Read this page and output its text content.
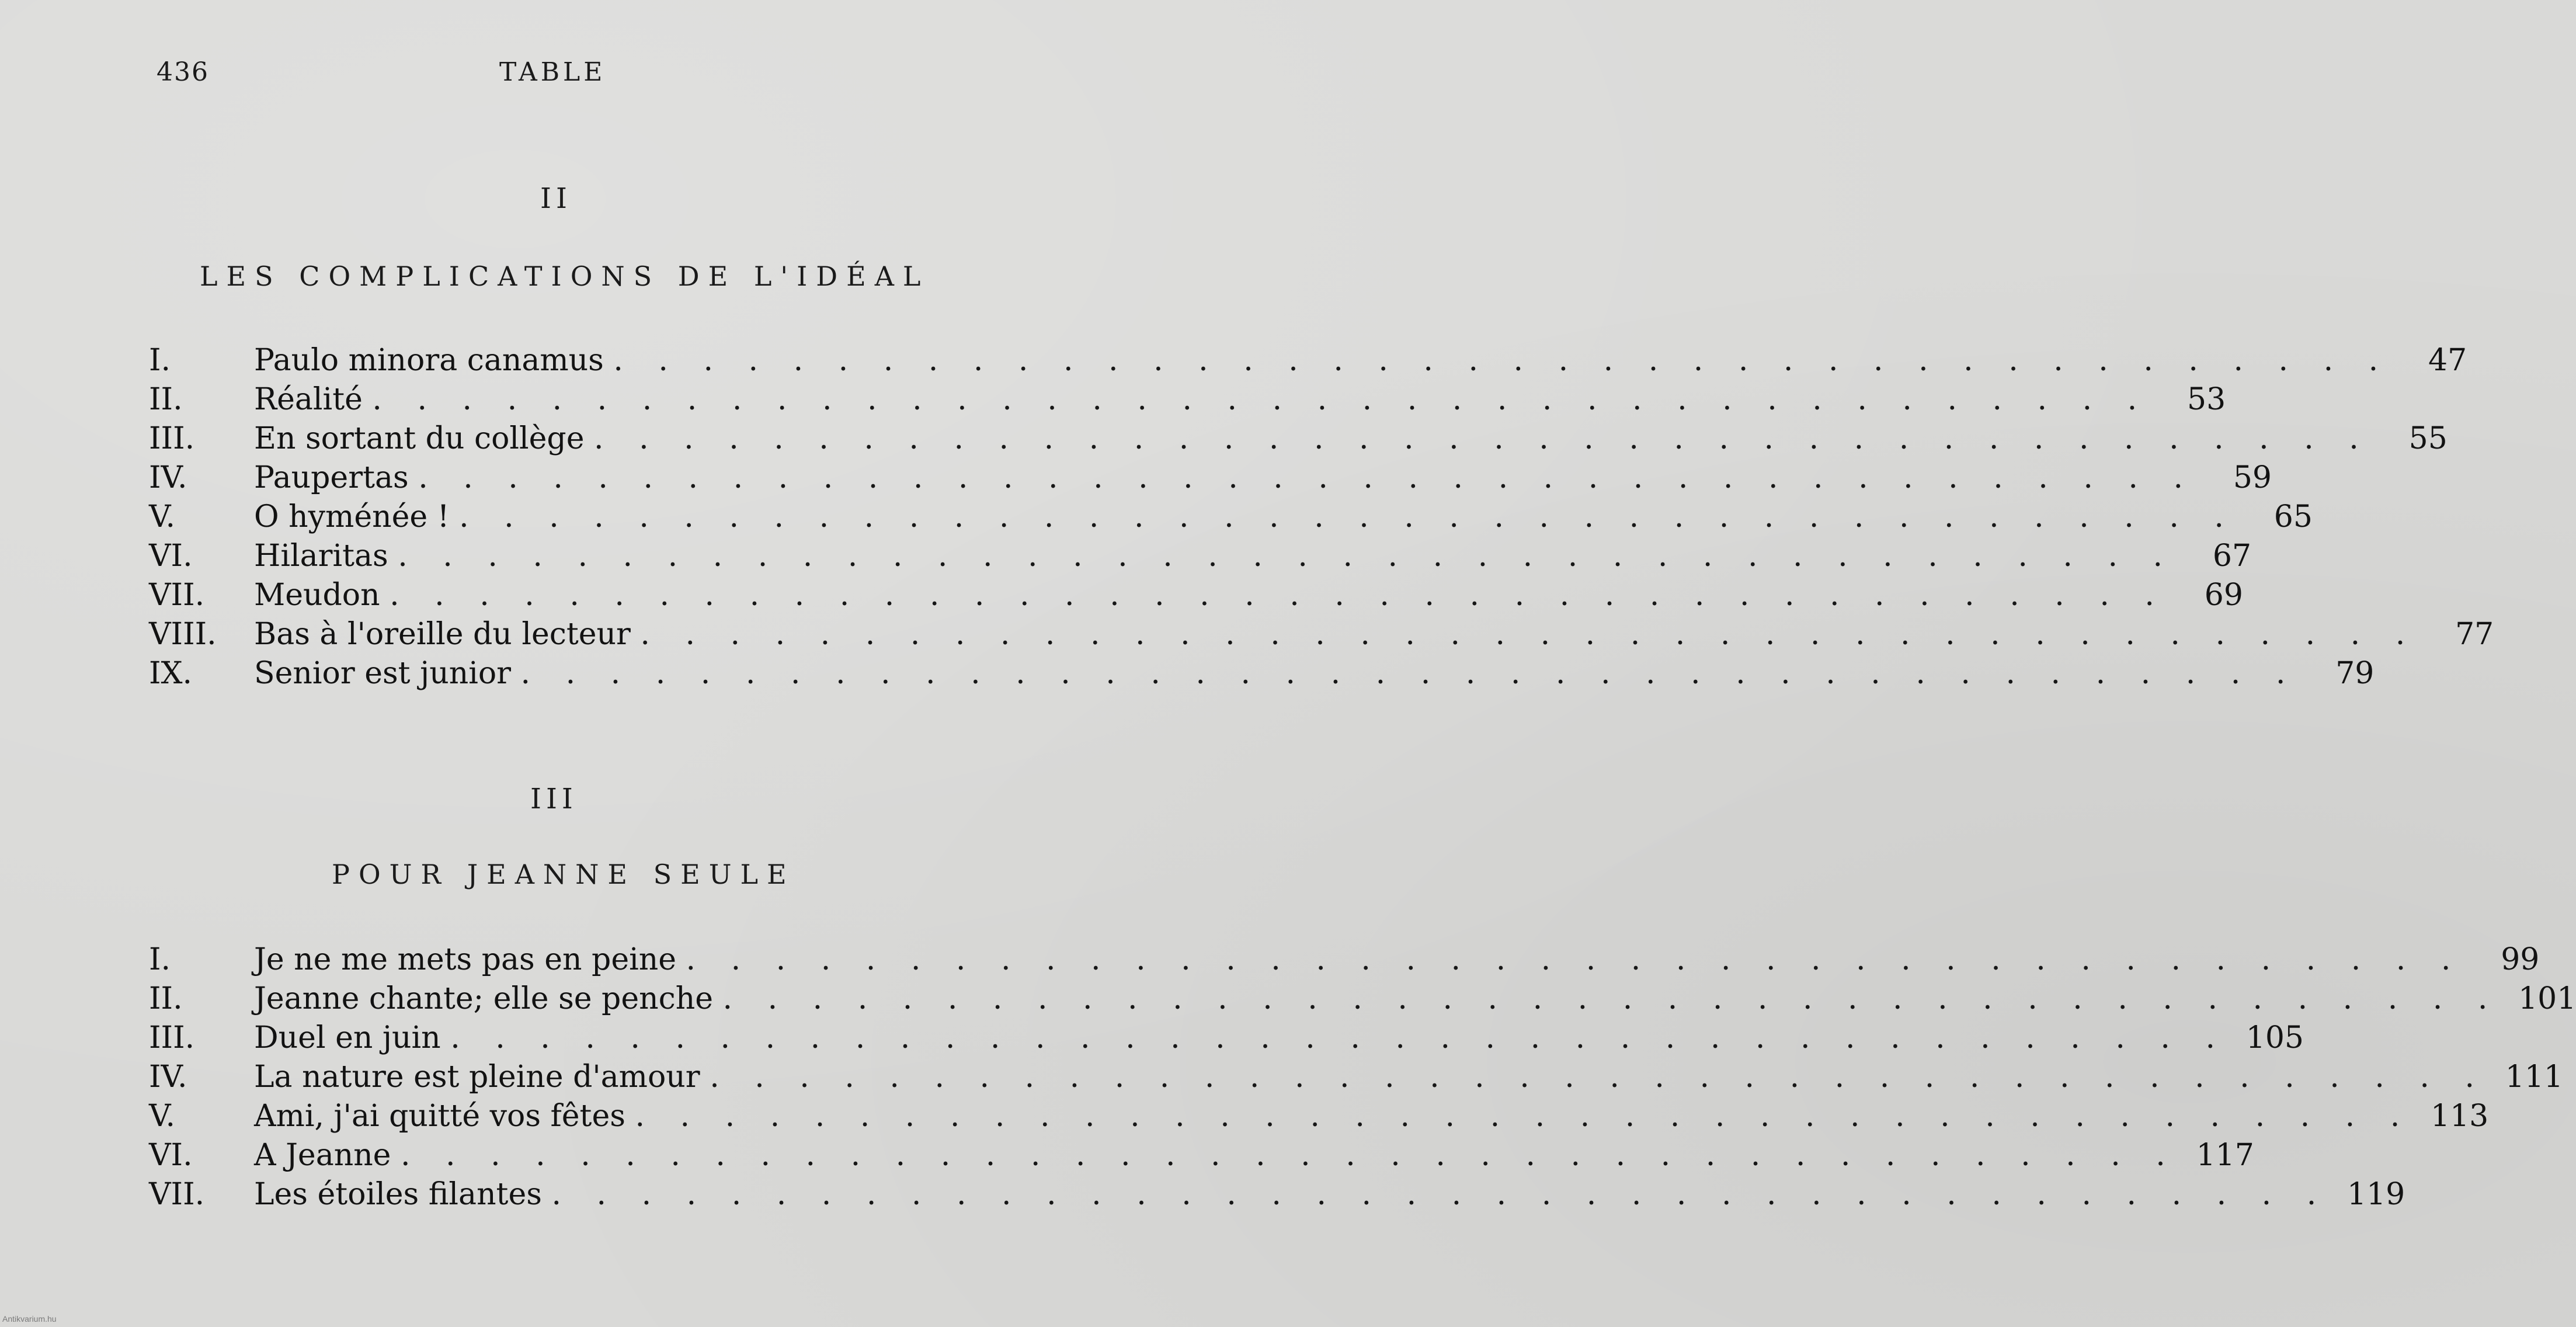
436	TABLE
II
LES COMPLICATIONS DE L'IDÉAL
I.	Paulo minora canamus . . . . . . . . . . . . . . . . . . . . . . . . . . . . . . . . . . . . . . . .	47
II.	Réalité . . . . . . . . . . . . . . . . . . . . . . . . . . . . . . . . . . . . . . . .	53
III.	En sortant du collège . . . . . . . . . . . . . . . . . . . . . . . . . . . . . . . . . . . . . . . .	55
IV.	Paupertas . . . . . . . . . . . . . . . . . . . . . . . . . . . . . . . . . . . . . . . .	59
V.	O hyménée ! . . . . . . . . . . . . . . . . . . . . . . . . . . . . . . . . . . . . . . . .	65
VI.	Hilaritas . . . . . . . . . . . . . . . . . . . . . . . . . . . . . . . . . . . . . . . .	67
VII.	Meudon . . . . . . . . . . . . . . . . . . . . . . . . . . . . . . . . . . . . . . . .	69
VIII.	Bas à l'oreille du lecteur . . . . . . . . . . . . . . . . . . . . . . . . . . . . . . . . . . . . . . . .	77
IX.	Senior est junior . . . . . . . . . . . . . . . . . . . . . . . . . . . . . . . . . . . . . . . .	79
III
POUR JEANNE SEULE
I.	Je ne me mets pas en peine . . . . . . . . . . . . . . . . . . . . . . . . . . . . . . . . . . . . . . . .	99
II.	Jeanne chante; elle se penche . . . . . . . . . . . . . . . . . . . . . . . . . . . . . . . . . . . . . . . . 101
III.	Duel en juin . . . . . . . . . . . . . . . . . . . . . . . . . . . . . . . . . . . . . . . . 105
IV.	La nature est pleine d'amour . . . . . . . . . . . . . . . . . . . . . . . . . . . . . . . . . . . . . . . . 111
V.	Ami, j'ai quitté vos fêtes . . . . . . . . . . . . . . . . . . . . . . . . . . . . . . . . . . . . . . . . 113
VI.	A Jeanne . . . . . . . . . . . . . . . . . . . . . . . . . . . . . . . . . . . . . . . . 117
VII.	Les étoiles filantes . . . . . . . . . . . . . . . . . . . . . . . . . . . . . . . . . . . . . . . . 119
Antikvarium.hu
